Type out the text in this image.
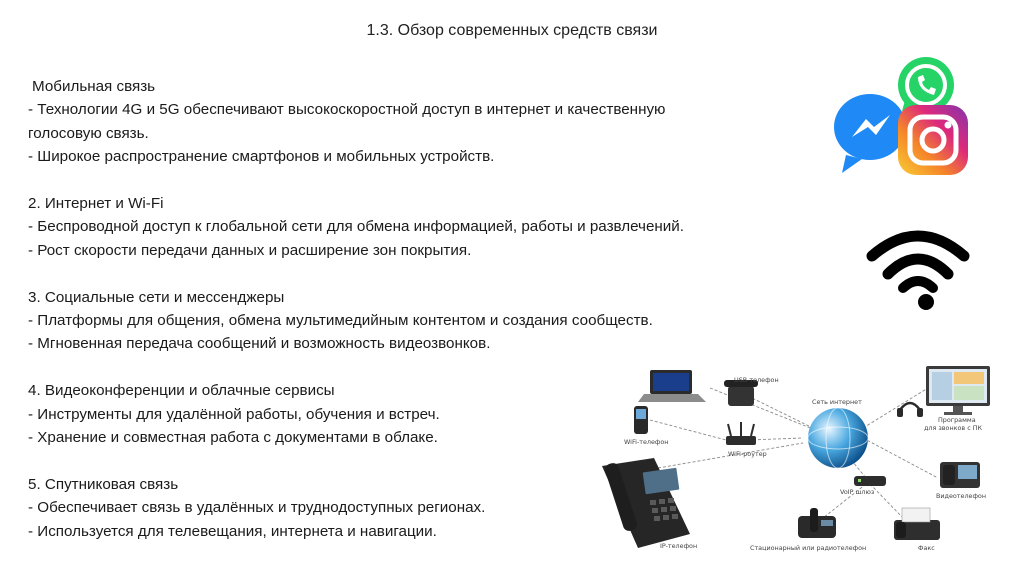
1.3. Обзор современных средств связи
Мобильная связь
- Технологии 4G и 5G обеспечивают высокоскоростной доступ в интернет и качественную
голосовую связь.
- Широкое распространение смартфонов и мобильных устройств.
2. Интернет и Wi-Fi
- Беспроводной доступ к глобальной сети для обмена информацией, работы и развлечений.
- Рост скорости передачи данных и расширение зон покрытия.
3. Социальные сети и мессенджеры
- Платформы для общения, обмена мультимедийным контентом и создания сообществ.
- Мгновенная передача сообщений и возможность видеозвонков.
4. Видеоконференции и облачные сервисы
- Инструменты для удалённой работы, обучения и встреч.
- Хранение и совместная работа с документами в облаке.
5. Спутниковая связь
- Обеспечивает связь в удалённых и труднодоступных регионах.
- Используется для телевещания, интернета и навигации.
USB-телефон
Сеть интернет
Программа
для звонков с ПК
WiFi-телефон
WiFi-роутер
VoIP шлюз	Видеотелефон
IP-телефон	Стационарный или радиотелефон	Факс
